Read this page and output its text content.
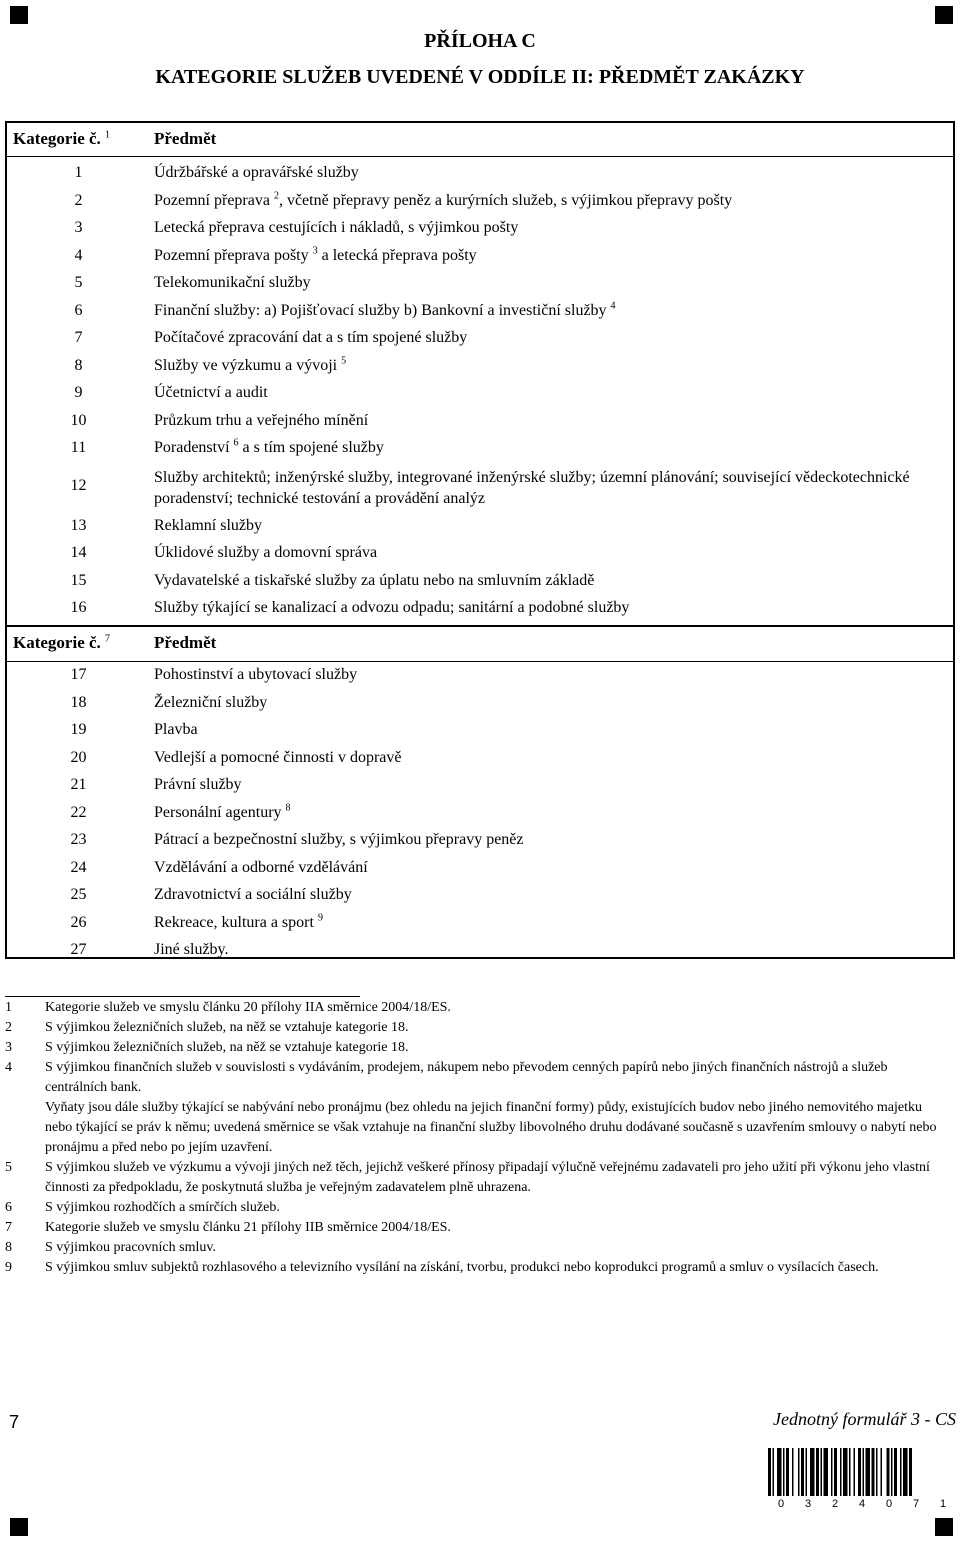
PŘÍLOHA C
KATEGORIE SLUŽEB UVEDENÉ V ODDÍLE II: PŘEDMĚT ZAKÁZKY
Kategorie č. $^1$	Předmět
1	Údržbářské a opravářské služby
2	Pozemní přeprava $^2$, včetně přepravy peněz a kurýrních služeb, s výjimkou přepravy pošty
3	Letecká přeprava cestujících i nákladů, s výjimkou pošty
4	Pozemní přeprava pošty $^3$ a letecká přeprava pošty
5	Telekomunikační služby
6	Finanční služby: a) Pojišťovací služby b) Bankovní a investiční služby $^4$
7	Počítačové zpracování dat a s tím spojené služby
8	Služby ve výzkumu a vývoji $^5$
9	Účetnictví a audit
10	Průzkum trhu a veřejného mínění
11	Poradenství $^6$ a s tím spojené služby
12	Služby architektů; inženýrské služby, integrované inženýrské služby; územní plánování; související vědeckotechnické poradenství; technické testování a provádění analýz
13	Reklamní služby
14	Úklidové služby a domovní správa
15	Vydavatelské a tiskařské služby za úplatu nebo na smluvním základě
16	Služby týkající se kanalizací a odvozu odpadu; sanitární a podobné služby
Kategorie č. $^7$	Předmět
17	Pohostinství a ubytovací služby
18	Železniční služby
19	Plavba
20	Vedlejší a pomocné činnosti v dopravě
21	Právní služby
22	Personální agentury $^8$
23	Pátrací a bezpečnostní služby, s výjimkou přepravy peněz
24	Vzdělávání a odborné vzdělávání
25	Zdravotnictví a sociální služby
26	Rekreace, kultura a sport $^9$
27	Jiné služby.
1	Kategorie služeb ve smyslu článku 20 přílohy IIA směrnice 2004/18/ES.
2	S výjimkou železničních služeb, na něž se vztahuje kategorie 18.
3	S výjimkou železničních služeb, na něž se vztahuje kategorie 18.
4	S výjimkou finančních služeb v souvislosti s vydáváním, prodejem, nákupem nebo převodem cenných papírů nebo jiných finančních nástrojů a služeb centrálních bank.
Vyňaty jsou dále služby týkající se nabývání nebo pronájmu (bez ohledu na jejich finanční formy) půdy, existujících budov nebo jiného nemovitého majetku nebo týkající se práv k němu; uvedená směrnice se však vztahuje na finanční služby libovolného druhu dodávané současně s uzavřením smlouvy o nabytí nebo pronájmu a před nebo po jejím uzavření.
5	S výjimkou služeb ve výzkumu a vývoji jiných než těch, jejichž veškeré přínosy připadají výlučně veřejnému zadavateli pro jeho užití při výkonu jeho vlastní činnosti za předpokladu, že poskytnutá služba je veřejným zadavatelem plně uhrazena.
6	S výjimkou rozhodčích a smírčích služeb.
7	Kategorie služeb ve smyslu článku 21 přílohy IIB směrnice 2004/18/ES.
8	S výjimkou pracovních smluv.
9	S výjimkou smluv subjektů rozhlasového a televizního vysílání na získání, tvorbu, produkci nebo koprodukci programů a smluv o vysílacích časech.
7	Jednotný formulář 3 - CS
0 3 2 4 0 7 1
